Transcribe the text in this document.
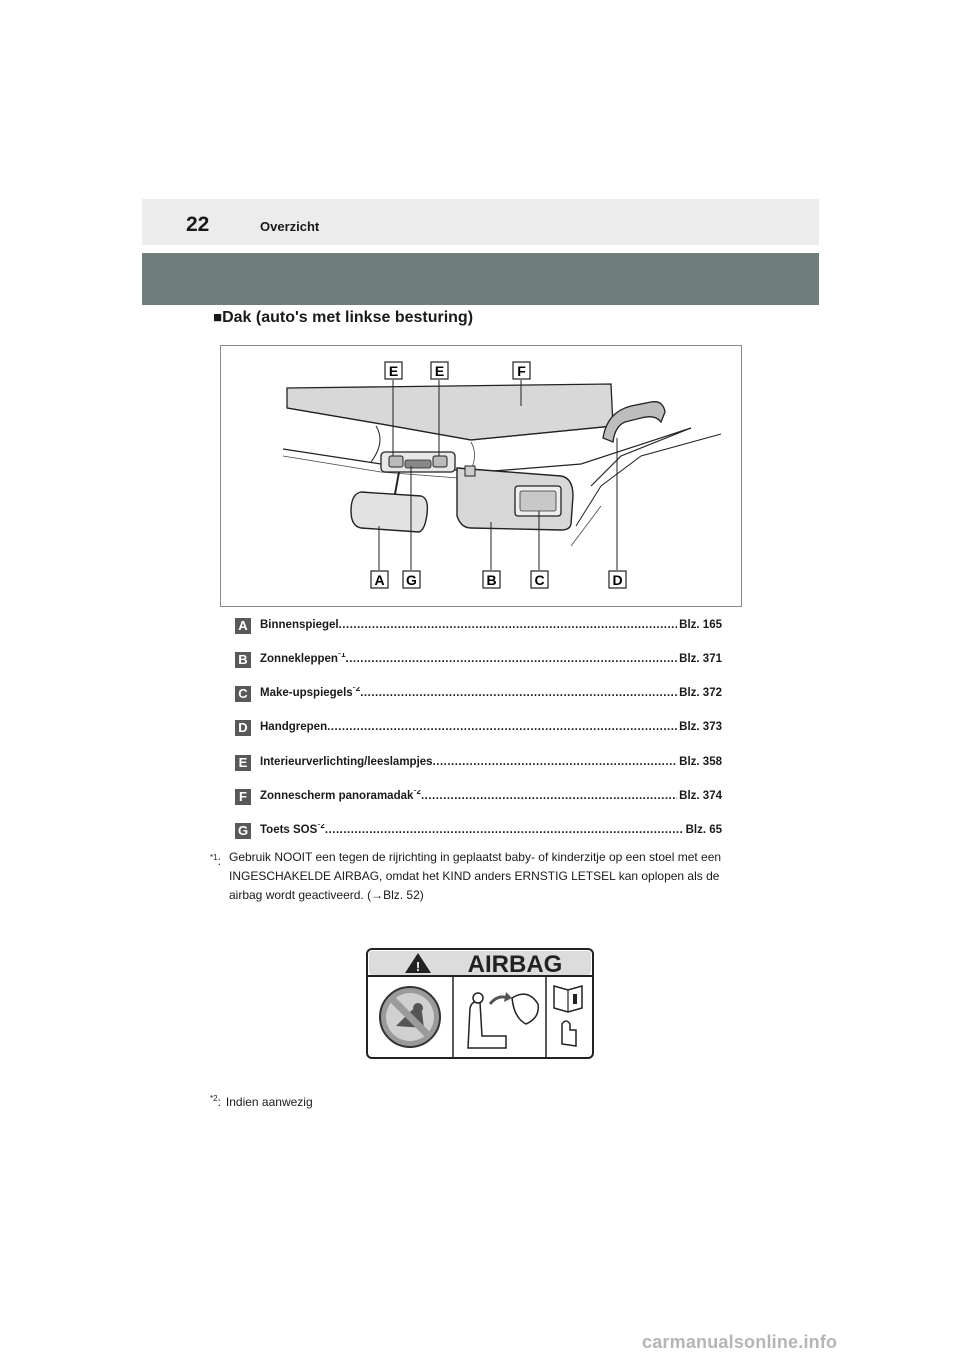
22	Overzicht
■Dak (auto's met linkse besturing)
E	E	F
A G	B	C	D
A Binnenspiegel .....	Blz. 165
B Zonnekleppen$^{*1}$ .....	Blz. 371
C Make-upspiegels$^{*2}$ .....	Blz. 372
D Handgrepen .....	Blz. 373
E	Interieurverlichting/leeslampjes .....	Blz. 358
F	Zonnescherm panoramadak$^{*2}$ .....	Blz. 374
G Toets SOS$^{*2}$ .....	Blz. 65
$^{*1}$: Gebruik NOOIT een tegen de rijrichting in geplaatst baby- of kinderzitje op een stoel met een INGESCHAKELDE AIRBAG, omdat het KIND anders ERNSTIG LETSEL kan oplopen als de airbag wordt geactiveerd. (→Blz. 52)
! AIRBAG
$^{*2}$: Indien aanwezig
carmanualsonline.info
